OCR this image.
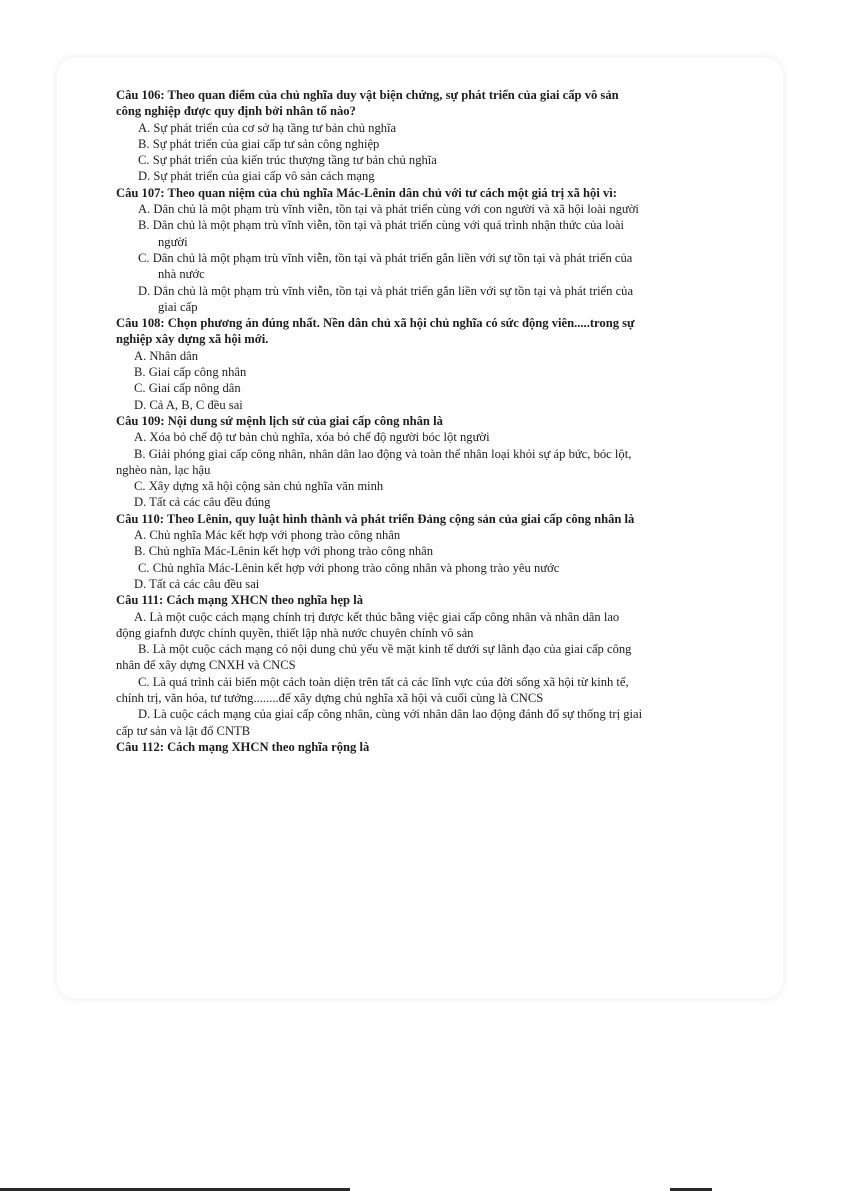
Câu 106: Theo quan điểm của chủ nghĩa duy vật biện chứng, sự phát triển của giai cấp vô sản công nghiệp được quy định bởi nhân tố nào?

A. Sự phát triển của cơ sở hạ tầng tư bản chủ nghĩa

B. Sự phát triển của giai cấp tư sản công nghiệp

C. Sự phát triển của kiến trúc thượng tầng tư bản chủ nghĩa

D. Sự phát triển của giai cấp vô sản cách mạng

Câu 107: Theo quan niệm của chủ nghĩa Mác-Lênin dân chủ với tư cách một giá trị xã hội vì:

A. Dân chủ là một phạm trù vĩnh viễn, tồn tại và phát triển cùng với con người và xã hội loài người

B. Dân chủ là một phạm trù vĩnh viễn, tồn tại và phát triển cùng với quá trình nhận thức của loài người

C. Dân chủ là một phạm trù vĩnh viễn, tồn tại và phát triển gắn liền với sự tồn tại và phát triển của nhà nước

D. Dân chủ là một phạm trù vĩnh viễn, tồn tại và phát triển gắn liền với sự tồn tại và phát triển của giai cấp

Câu 108: Chọn phương án đúng nhất. Nền dân chủ xã hội chủ nghĩa có sức động viên.....trong sự nghiệp xây dựng xã hội mới.

A. Nhân dân

B. Giai cấp công nhân

C. Giai cấp nông dân

D. Cả A, B, C đều sai

Câu 109: Nội dung sứ mệnh lịch sử của giai cấp công nhân là

A. Xóa bỏ chế độ tư bản chủ nghĩa, xóa bỏ chế độ người bóc lột người

B. Giải phóng giai cấp công nhân, nhân dân lao động và toàn thể nhân loại khỏi sự áp bức, bóc lột, nghèo nàn, lạc hậu

C. Xây dựng xã hội cộng sản chủ nghĩa văn minh

D. Tất cả các câu đều đúng

Câu 110: Theo Lênin, quy luật hình thành và phát triển Đảng cộng sản của giai cấp công nhân là

A. Chủ nghĩa Mác kết hợp với phong trào công nhân

B. Chủ nghĩa Mác-Lênin kết hợp với phong trào công nhân

C. Chủ nghĩa Mác-Lênin kết hợp với phong trào công nhân và phong trào yêu nước

D. Tất cả các câu đều sai

Câu 111: Cách mạng XHCN theo nghĩa hẹp là

A. Là một cuộc cách mạng chính trị được kết thúc bằng việc giai cấp công nhân và nhân dân lao động giafnh được chính quyền, thiết lập nhà nước chuyên chính vô sản

B. Là một cuộc cách mạng có nội dung chủ yếu về mặt kinh tế dưới sự lãnh đạo của giai cấp công nhân để xây dựng CNXH và CNCS

C. Là quá trình cải biến một cách toàn diện trên tất cả các lĩnh vực của đời sống xã hội từ kinh tế, chính trị, văn hóa, tư tưởng........để xây dựng chủ nghĩa xã hội và cuối cùng là CNCS

D. Là cuộc cách mạng của giai cấp công nhân, cùng với nhân dân lao động đánh đổ sự thống trị giai cấp tư sản và lật đổ CNTB

Câu 112: Cách mạng XHCN theo nghĩa rộng là
